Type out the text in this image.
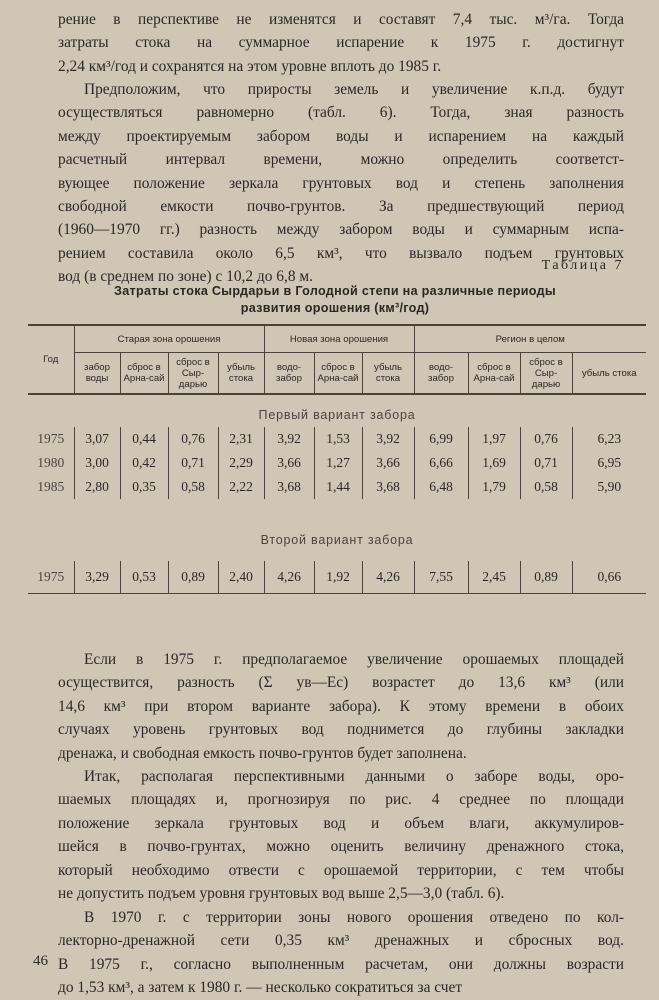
рение в перспективе не изменятся и составят 7,4 тыс. м³/га. Тогда
затраты стока на суммарное испарение к 1975 г. достигнут
2,24 км³/год и сохранятся на этом уровне вплоть до 1985 г.
Предположим, что приросты земель и увеличение к.п.д. будут
осуществляться равномерно (табл. 6). Тогда, зная разность
между проектируемым забором воды и испарением на каждый
расчетный интервал времени, можно определить соответст-
вующее положение зеркала грунтовых вод и степень заполнения
свободной емкости почво-грунтов. За предшествующий период
(1960—1970 гг.) разность между забором воды и суммарным испа-
рением составила около 6,5 км³, что вызвало подъем грунтовых
вод (в среднем по зоне) с 10,2 до 6,8 м.
Таблица 7
Затраты стока Сырдарьи в Голодной степи на различные периоды
развития орошения (км³/год)
Год	Старая зона орошения				Новая зона орошения			Регион в целом			
	забор воды	сброс в Арна-сай	сброс в Сыр-дарью	убыль стока	водо-забор	сброс в Арна-сай	убыль стока	водо-забор	сброс в Арна-сай	сброс в Сыр-дарью	убыль стока
Первый вариант забора											
1975	3,07	0,44	0,76	2,31	3,92	1,53	3,92	6,99	1,97	0,76	6,23
1980	3,00	0,42	0,71	2,29	3,66	1,27	3,66	6,66	1,69	0,71	6,95
1985	2,80	0,35	0,58	2,22	3,68	1,44	3,68	6,48	1,79	0,58	5,90

Второй вариант забора											
1975	3,29	0,53	0,89	2,40	4,26	1,92	4,26	7,55	2,45	0,89	0,66
Если в 1975 г. предполагаемое увеличение орошаемых площадей
осуществится, разность (Σ yв—Ec) возрастет до 13,6 км³ (или
14,6 км³ при втором варианте забора). К этому времени в обоих
случаях уровень грунтовых вод поднимется до глубины закладки
дренажа, и свободная емкость почво-грунтов будет заполнена.
Итак, располагая перспективными данными о заборе воды, оро-
шаемых площадях и, прогнозируя по рис. 4 среднее по площади
положение зеркала грунтовых вод и объем влаги, аккумулиров-
шейся в почво-грунтах, можно оценить величину дренажного стока,
который необходимо отвести с орошаемой территории, с тем чтобы
не допустить подъем уровня грунтовых вод выше 2,5—3,0 (табл. 6).
В 1970 г. с территории зоны нового орошения отведено по кол-
лекторно-дренажной сети 0,35 км³ дренажных и сбросных вод.
В 1975 г., согласно выполненным расчетам, они должны возрасти
до 1,53 км³, а затем к 1980 г. — несколько сократиться за счет
46
